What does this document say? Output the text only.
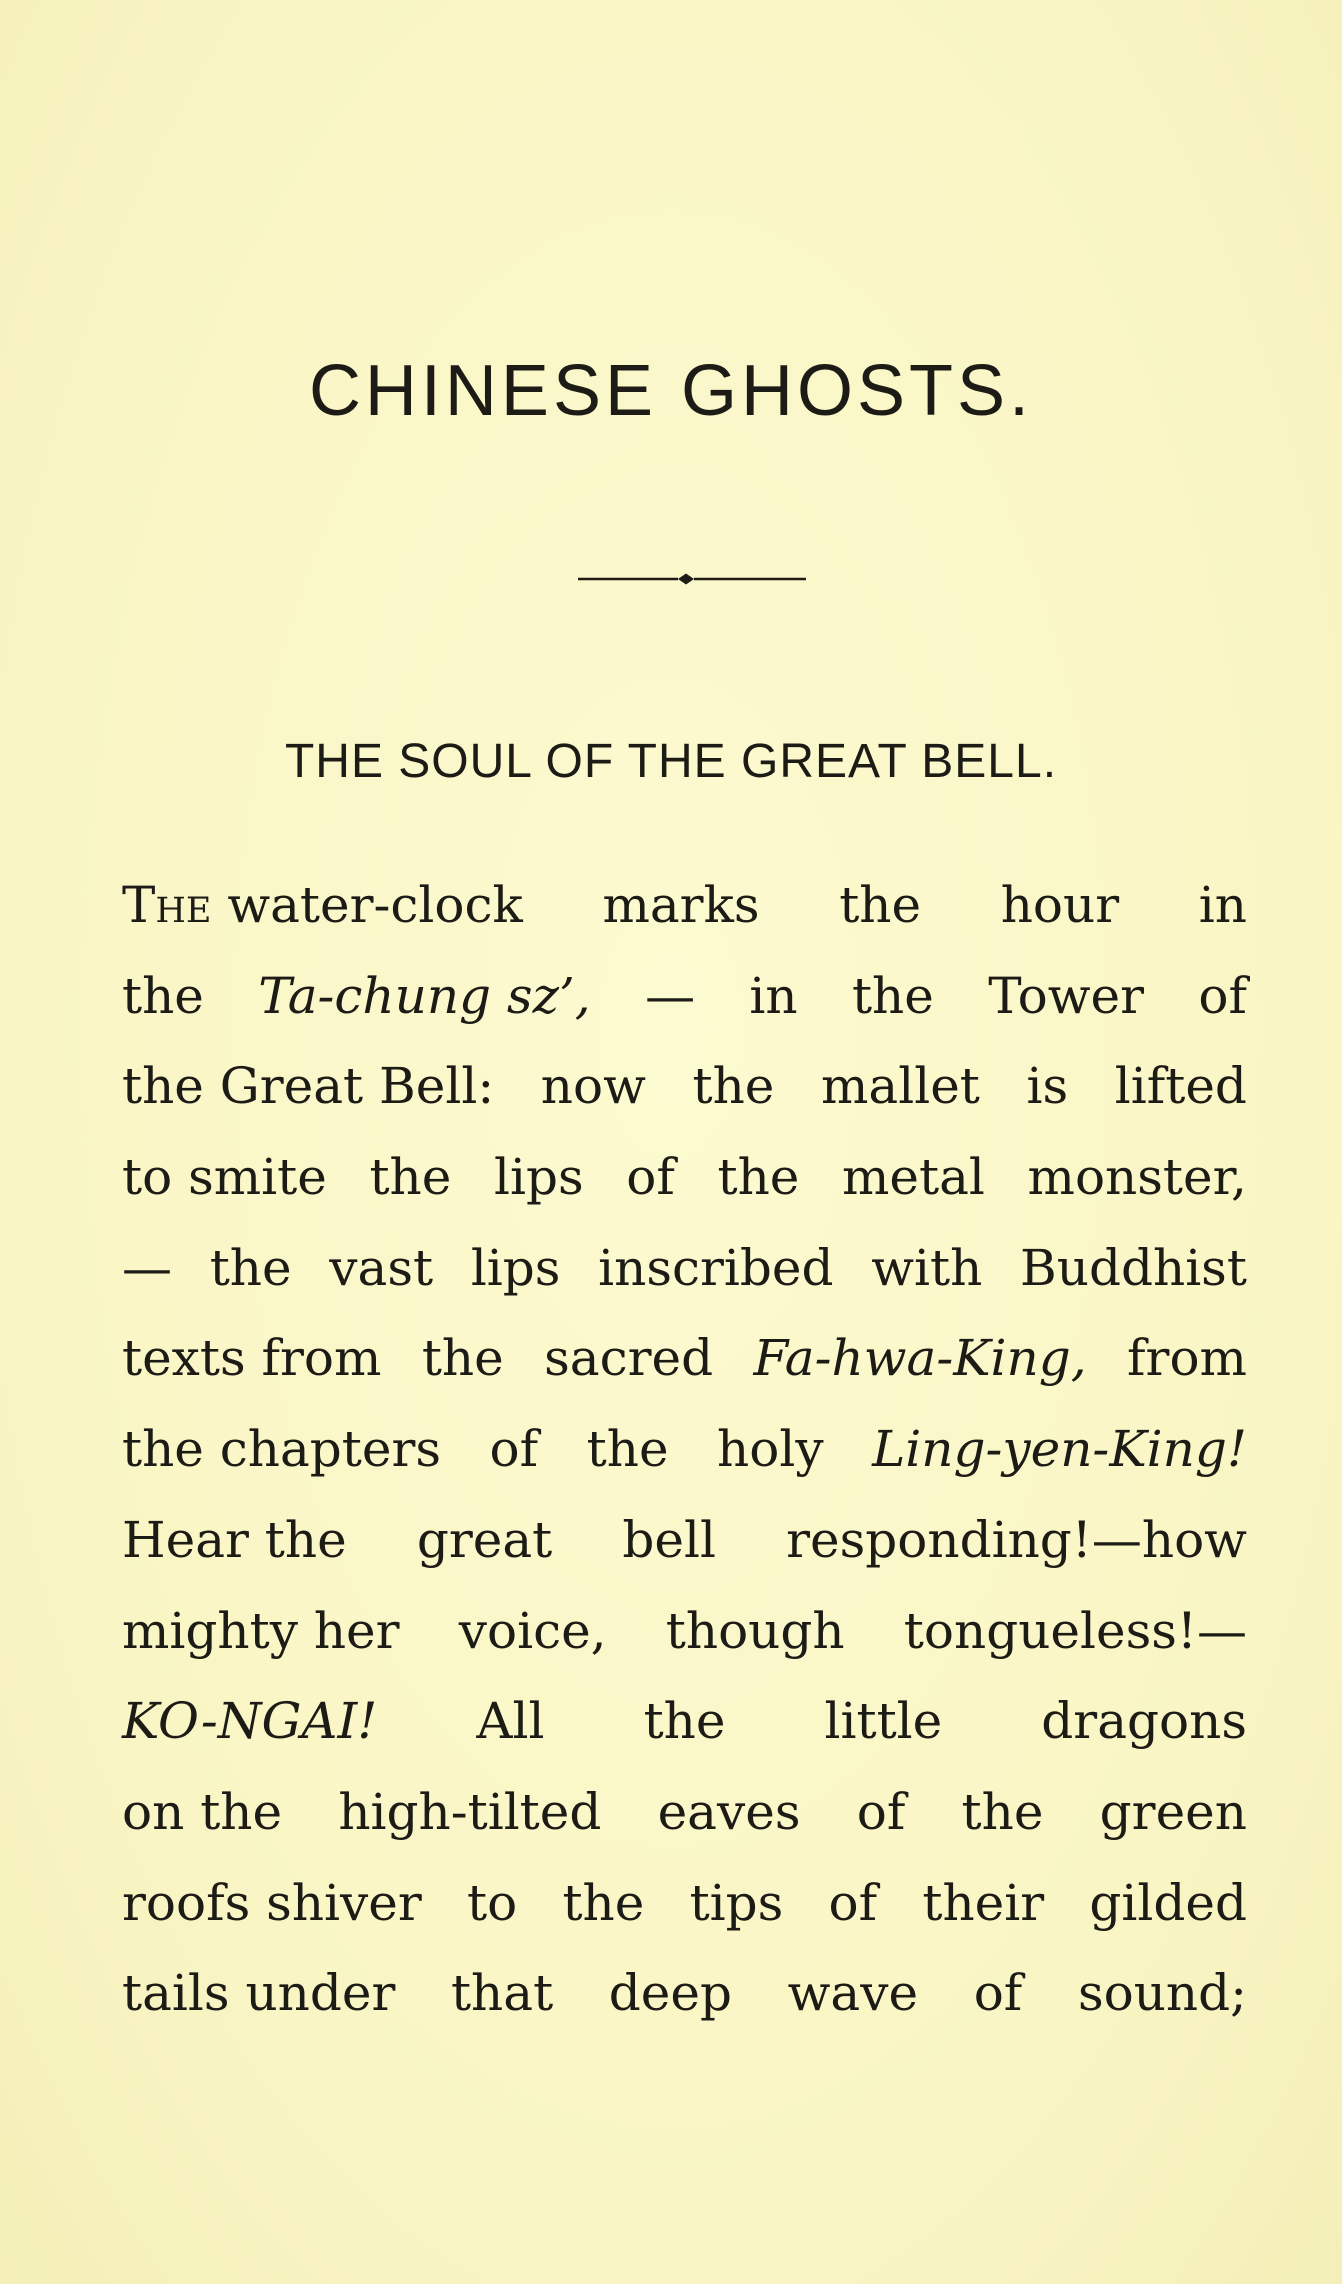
CHINESE GHOSTS.
THE SOUL OF THE GREAT BELL.
The water-clock marks the hour in
the Ta-chung sz’, — in the Tower of
the Great Bell: now the mallet is lifted
to smite the lips of the metal monster,
— the vast lips inscribed with Buddhist
texts from the sacred Fa-hwa-King, from
the chapters of the holy Ling-yen-King!
Hear the great bell responding!—how
mighty her voice, though tongueless!—
KO-NGAI! All the little dragons
on the high-tilted eaves of the green
roofs shiver to the tips of their gilded
tails under that deep wave of sound;
